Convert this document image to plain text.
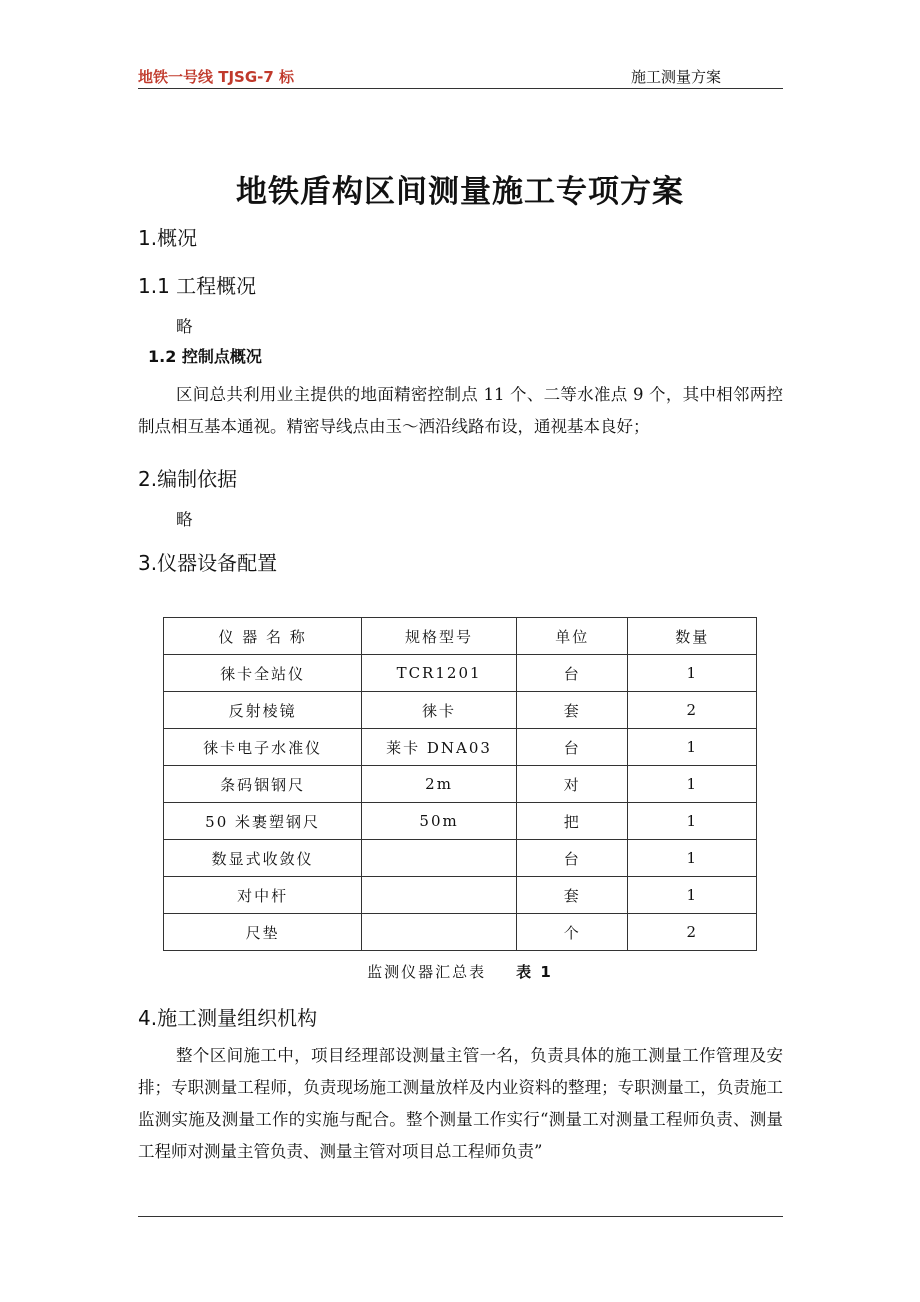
地铁一号线 TJSG-7 标	施工测量方案
地铁盾构区间测量施工专项方案
1.概况
1.1 工程概况
略
1.2 控制点概况
区间总共利用业主提供的地面精密控制点 11 个、二等水准点 9 个，其中相邻两控制点相互基本通视。精密导线点由玉～洒沿线路布设，通视基本良好；
2.编制依据
略
3.仪器设备配置
仪 器 名 称	规格型号	单位	数量
徕卡全站仪	TCR1201	台	1
反射棱镜	徕卡	套	2
徕卡电子水准仪	莱卡 DNA03	台	1
条码铟钢尺	2m	对	1
50 米裹塑钢尺	50m	把	1
数显式收敛仪		台	1
对中杆		套	1
尺垫		个	2
监测仪器汇总表 表 1
4.施工测量组织机构
整个区间施工中，项目经理部设测量主管一名，负责具体的施工测量工作管理及安排；专职测量工程师，负责现场施工测量放样及内业资料的整理；专职测量工，负责施工监测实施及测量工作的实施与配合。整个测量工作实行“测量工对测量工程师负责、测量工程师对测量主管负责、测量主管对项目总工程师负责”
